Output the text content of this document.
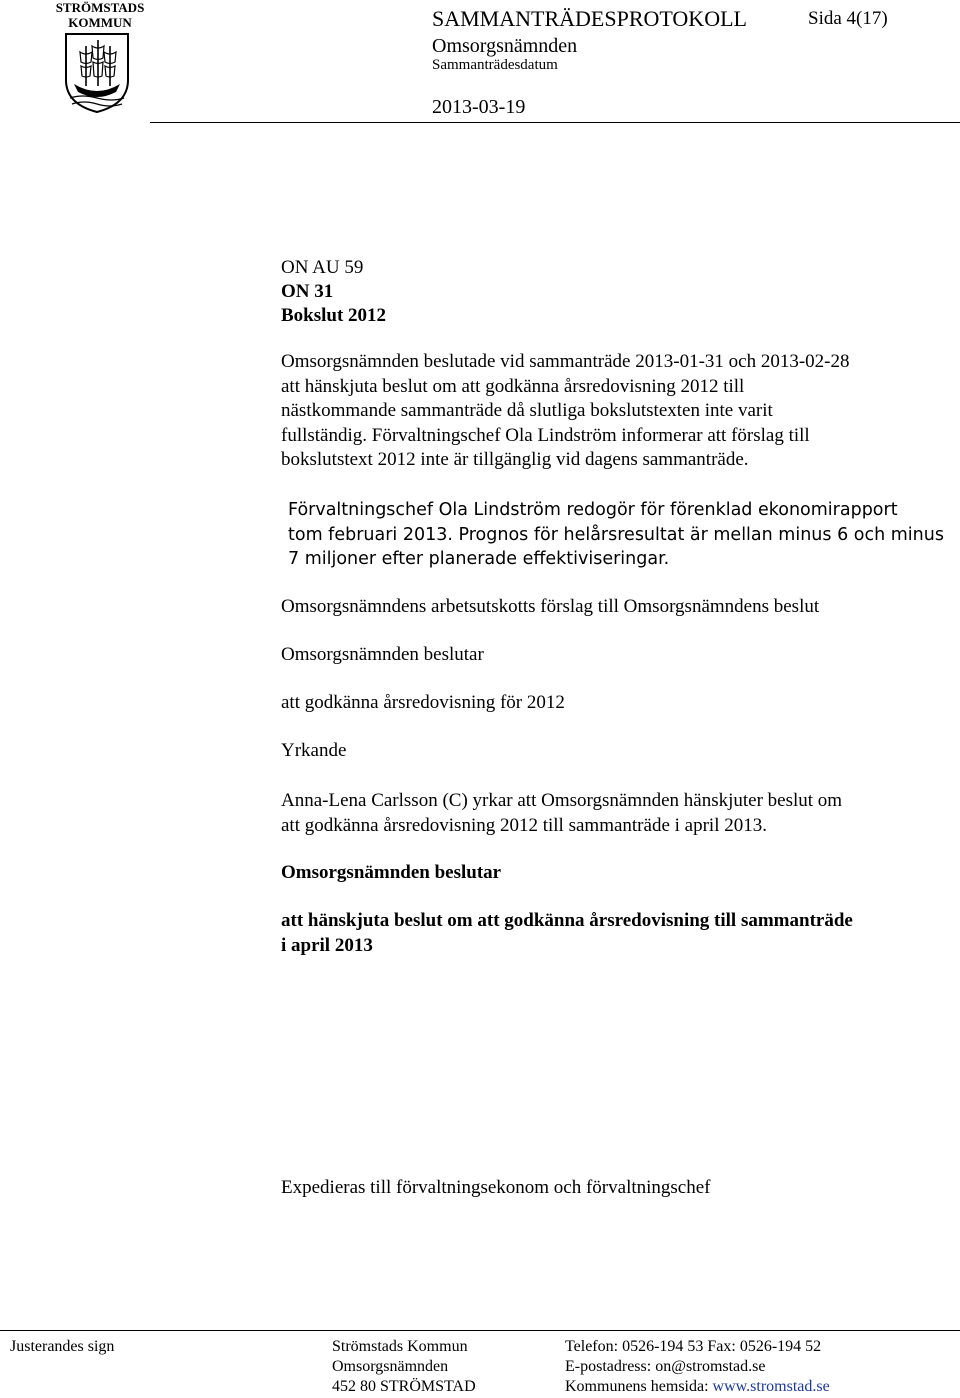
STRÖMSTADS
KOMMUN	SAMMANTRÄDESPROTOKOLL	Sida 4(17)
Omsorgsnämnden
Sammanträdesdatum
2013-03-19
ON AU 59
ON 31
Bokslut 2012
Omsorgsnämnden beslutade vid sammanträde 2013-01-31 och 2013-02-28
att hänskjuta beslut om att godkänna årsredovisning 2012 till
nästkommande sammanträde då slutliga bokslutstexten inte varit
fullständig. Förvaltningschef Ola Lindström informerar att förslag till
bokslutstext 2012 inte är tillgänglig vid dagens sammanträde.
Förvaltningschef Ola Lindström redogör för förenklad ekonomirapport
tom februari 2013. Prognos för helårsresultat är mellan minus 6 och minus
7 miljoner efter planerade effektiviseringar.
Omsorgsnämndens arbetsutskotts förslag till Omsorgsnämndens beslut
Omsorgsnämnden beslutar
att godkänna årsredovisning för 2012
Yrkande
Anna-Lena Carlsson (C) yrkar att Omsorgsnämnden hänskjuter beslut om
att godkänna årsredovisning 2012 till sammanträde i april 2013.
Omsorgsnämnden beslutar
att hänskjuta beslut om att godkänna årsredovisning till sammanträde
i april 2013
Expedieras till förvaltningsekonom och förvaltningschef
Justerandes sign	Strömstads Kommun
Omsorgsnämnden
452 80 STRÖMSTAD
Telefon: 0526-194 53 Fax: 0526-194 52
E-postadress: on@stromstad.se
Kommunens hemsida: www.stromstad.se
